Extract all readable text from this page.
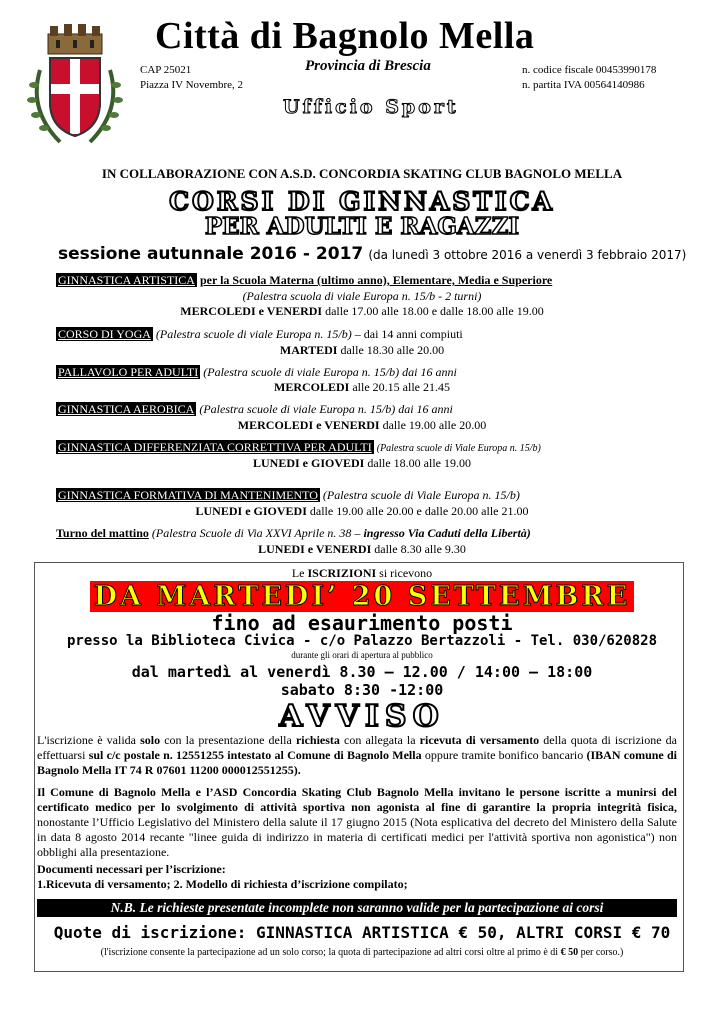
Città di Bagnolo Mella
CAP 25021
Piazza IV Novembre, 2
Provincia di Brescia	n. codice fiscale 00453990178
n. partita IVA 00564140986
Ufficio Sport
IN COLLABORAZIONE CON A.S.D. CONCORDIA SKATING CLUB BAGNOLO MELLA
CORSI DI GINNASTICA
PER ADULTI E RAGAZZI
sessione autunnale 2016 - 2017 (da lunedì 3 ottobre 2016 a venerdì 3 febbraio 2017)
GINNASTICA ARTISTICA per la Scuola Materna (ultimo anno), Elementare, Media e Superiore
(Palestra scuola di viale Europa n. 15/b - 2 turni)
MERCOLEDI e VENERDI dalle 17.00 alle 18.00 e dalle 18.00 alle 19.00
CORSO DI YOGA (Palestra scuole di viale Europa n. 15/b) – dai 14 anni compiuti
MARTEDI dalle 18.30 alle 20.00
PALLAVOLO PER ADULTI (Palestra scuole di viale Europa n. 15/b) dai 16 anni
MERCOLEDI alle 20.15 alle 21.45
GINNASTICA AEROBICA (Palestra scuole di viale Europa n. 15/b) dai 16 anni
MERCOLEDI e VENERDI dalle 19.00 alle 20.00
GINNASTICA DIFFERENZIATA CORRETTIVA PER ADULTI (Palestra scuole di Viale Europa n. 15/b)
LUNEDI e GIOVEDI dalle 18.00 alle 19.00
GINNASTICA FORMATIVA DI MANTENIMENTO (Palestra scuole di Viale Europa n. 15/b)
LUNEDI e GIOVEDI dalle 19.00 alle 20.00 e dalle 20.00 alle 21.00
Turno del mattino (Palestra Scuole di Via XXVI Aprile n. 38 – ingresso Via Caduti della Libertà)
LUNEDI e VENERDI dalle 8.30 alle 9.30
Le ISCRIZIONI si ricevono
DA MARTEDI’ 20 SETTEMBRE
fino ad esaurimento posti
presso la Biblioteca Civica - c/o Palazzo Bertazzoli - Tel. 030/620828
durante gli orari di apertura al pubblico
dal martedì al venerdì 8.30 – 12.00 / 14:00 – 18:00
sabato 8:30 -12:00
AVVISO
L'iscrizione è valida solo con la presentazione della richiesta con allegata la ricevuta di versamento della quota di iscrizione da effettuarsi sul c/c postale n. 12551255 intestato al Comune di Bagnolo Mella oppure tramite bonifico bancario (IBAN comune di Bagnolo Mella IT 74 R 07601 11200 000012551255).
Il Comune di Bagnolo Mella e l’ASD Concordia Skating Club Bagnolo Mella invitano le persone iscritte a munirsi del certificato medico per lo svolgimento di attività sportiva non agonista al fine di garantire la propria integrità fisica, nonostante l’Ufficio Legislativo del Ministero della salute il 17 giugno 2015 (Nota esplicativa del decreto del Ministero della Salute in data 8 agosto 2014 recante "linee guida di indirizzo in materia di certificati medici per l'attività sportiva non agonistica") non obblighi alla presentazione.
Documenti necessari per l’iscrizione:
1.Ricevuta di versamento; 2. Modello di richiesta d’iscrizione compilato;
N.B. Le richieste presentate incomplete non saranno valide per la partecipazione ai corsi
Quote di iscrizione: GINNASTICA ARTISTICA € 50, ALTRI CORSI € 70
(l'iscrizione consente la partecipazione ad un solo corso; la quota di partecipazione ad altri corsi oltre al primo è di € 50 per corso.)
